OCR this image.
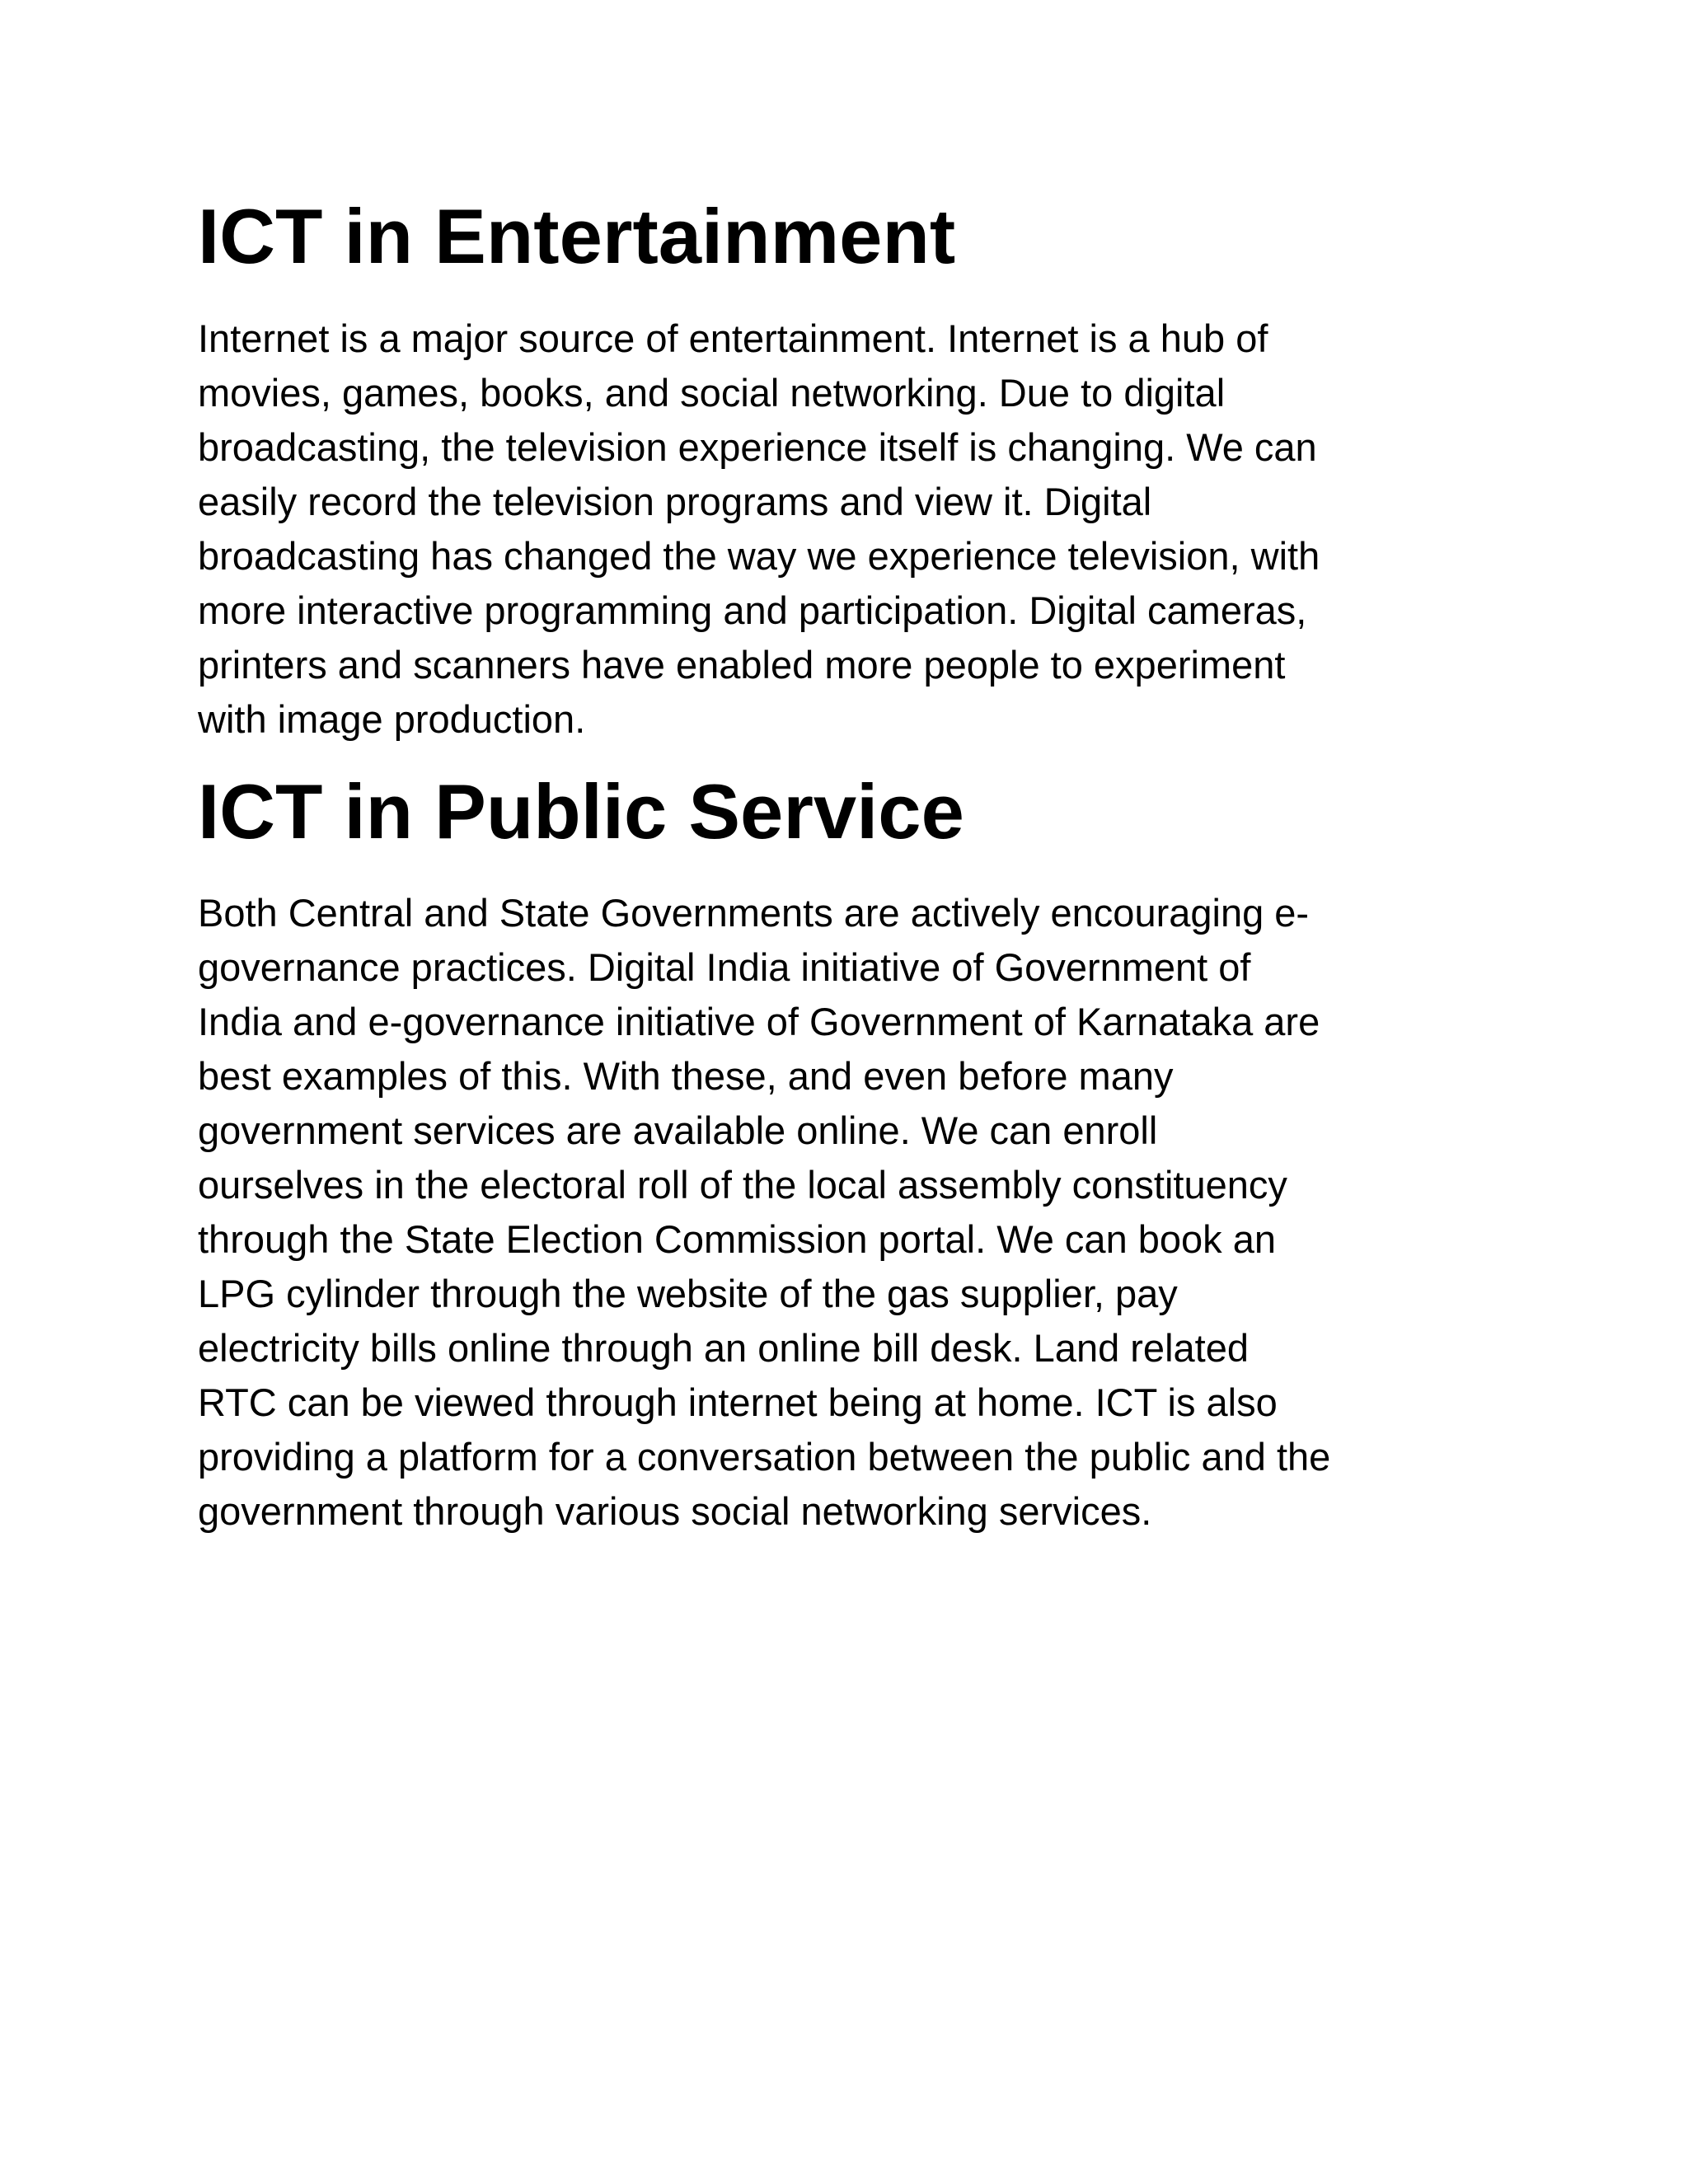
ICT in Entertainment
Internet is a major source of entertainment. Internet is a hub of
movies, games, books, and social networking. Due to digital
broadcasting, the television experience itself is changing. We can
easily record the television programs and view it. Digital
broadcasting has changed the way we experience television, with
more interactive programming and participation. Digital cameras,
printers and scanners have enabled more people to experiment
with image production.
ICT in Public Service
Both Central and State Governments are actively encouraging e-
governance practices. Digital India initiative of Government of
India and e-governance initiative of Government of Karnataka are
best examples of this. With these, and even before many
government services are available online. We can enroll
ourselves in the electoral roll of the local assembly constituency
through the State Election Commission portal. We can book an
LPG cylinder through the website of the gas supplier, pay
electricity bills online through an online bill desk. Land related
RTC can be viewed through internet being at home. ICT is also
providing a platform for a conversation between the public and the
government through various social networking services.
